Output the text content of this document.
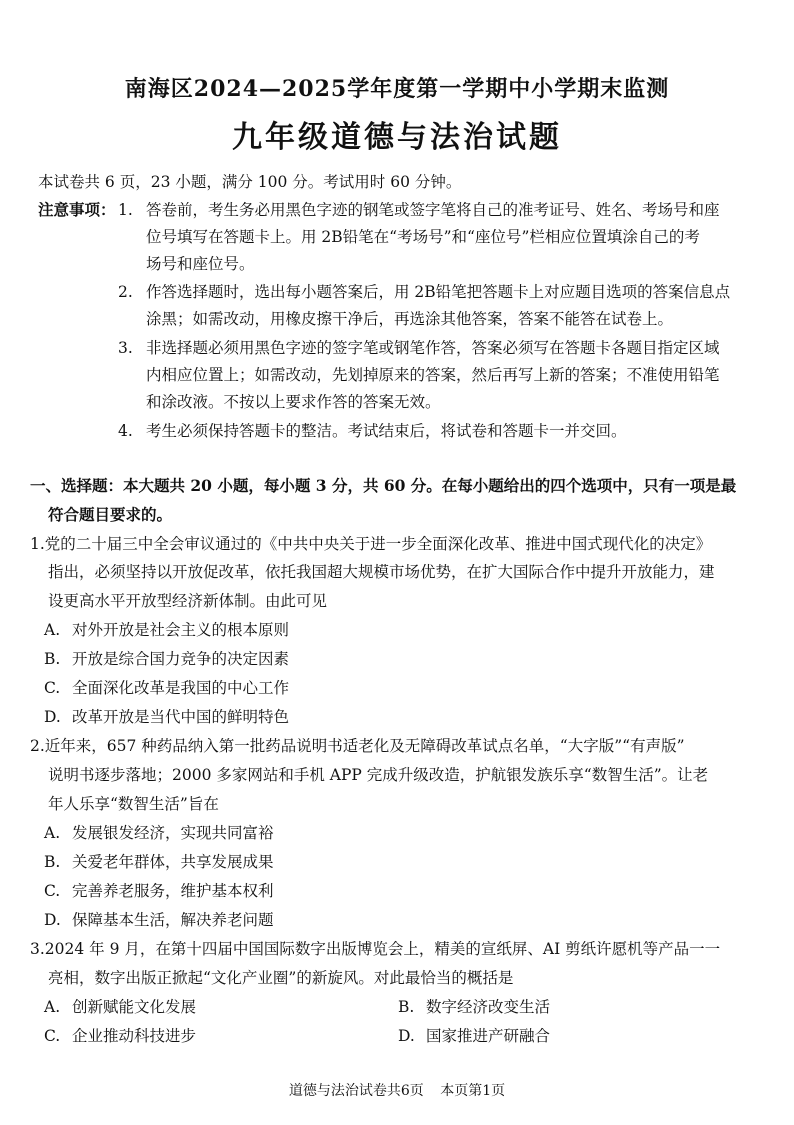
南海区2024—2025学年度第一学期中小学期末监测
九年级道德与法治试题
本试卷共 6 页，23 小题，满分 100 分。考试用时 60 分钟。
注意事项： 1. 答卷前，考生务必用黑色字迹的钢笔或签字笔将自己的准考证号、姓名、考场号和座
位号填写在答题卡上。用 2B铅笔在“考场号”和“座位号”栏相应位置填涂自己的考
场号和座位号。
2. 作答选择题时，选出每小题答案后，用 2B铅笔把答题卡上对应题目选项的答案信息点
涂黑；如需改动，用橡皮擦干净后，再选涂其他答案，答案不能答在试卷上。
3. 非选择题必须用黑色字迹的签字笔或钢笔作答，答案必须写在答题卡各题目指定区域
内相应位置上；如需改动，先划掉原来的答案，然后再写上新的答案；不准使用铅笔
和涂改液。不按以上要求作答的答案无效。
4. 考生必须保持答题卡的整洁。考试结束后，将试卷和答题卡一并交回。
一、选择题：本大题共 20 小题，每小题 3 分，共 60 分。在每小题给出的四个选项中，只有一项是最
符合题目要求的。
1.党的二十届三中全会审议通过的《中共中央关于进一步全面深化改革、推进中国式现代化的决定》
指出，必须坚持以开放促改革，依托我国超大规模市场优势，在扩大国际合作中提升开放能力，建
设更高水平开放型经济新体制。由此可见
A. 对外开放是社会主义的根本原则
B. 开放是综合国力竞争的决定因素
C. 全面深化改革是我国的中心工作
D. 改革开放是当代中国的鲜明特色
2.近年来，657 种药品纳入第一批药品说明书适老化及无障碍改革试点名单，“大字版”“有声版”
说明书逐步落地；2000 多家网站和手机 APP 完成升级改造，护航银发族乐享“数智生活”。让老
年人乐享“数智生活”旨在
A. 发展银发经济，实现共同富裕
B. 关爱老年群体，共享发展成果
C. 完善养老服务，维护基本权利
D. 保障基本生活，解决养老问题
3.2024 年 9 月，在第十四届中国国际数字出版博览会上，精美的宣纸屏、AI 剪纸许愿机等产品一一
亮相，数字出版正掀起“文化产业圈”的新旋风。对此最恰当的概括是
A. 创新赋能文化发展	B. 数字经济改变生活
C. 企业推动科技进步	D. 国家推进产研融合
道德与法治试卷共6页 本页第1页
